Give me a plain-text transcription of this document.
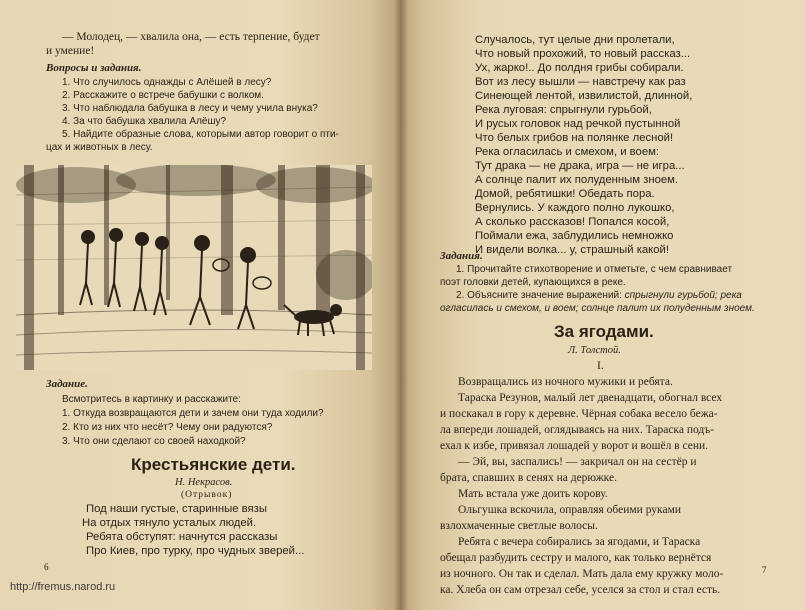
— Молодец, — хвалила она, — есть терпение, будет
и умение!
Вопросы и задания.
1. Что случилось однажды с Алёшей в лесу?
2. Расскажите о встрече бабушки с волком.
3. Что наблюдала бабушка в лесу и чему учила внука?
4. За что бабушка хвалила Алёшу?
5. Найдите образные слова, которыми автор говорит о пти-
цах и животных в лесу.
Задание.
Всмотритесь в картинку и расскажите:
1. Откуда возвращаются дети и зачем они туда ходили?
2. Кто из них что несёт? Чему они радуются?
3. Что они сделают со своей находкой?
Крестьянские дети.
Н. Некрасов.
(Отрывок)
Под наши густые, старинные вязы
На отдых тянуло усталых людей.
Ребята обступят: начнутся рассказы
Про Киев, про турку, про чудных зверей...
6
http://fremus.narod.ru
Случалось, тут целые дни пролетали,
Что новый прохожий, то новый рассказ...
Ух, жарко!.. До полдня грибы собирали.
Вот из лесу вышли — навстречу как раз
Синеющей лентой, извилистой, длинной,
Река луговая: спрыгнули гурьбой,
И русых головок над речкой пустынной
Что белых грибов на полянке лесной!
Река огласилась и смехом, и воем:
Тут драка — не драка, игра — не игра...
А солнце палит их полуденным зноем.
Домой, ребятишки! Обедать пора.
Вернулись. У каждого полно лукошко,
А сколько рассказов! Попался косой,
Поймали ежа, заблудились немножко
И видели волка... у, страшный какой!
Задания.
1. Прочитайте стихотворение и отметьте, с чем сравнивает
поэт головки детей, купающихся в реке.
2. Объясните значение выражений: спрыгнули гурьбой; река
огласилась и смехом, и воем; солнце палит их полуденным зноем.
За ягодами.
Л. Толстой.
I.
Возвращались из ночного мужики и ребята.
Тараска Резунов, малый лет двенадцати, обогнал всех
и поскакал в гору к деревне. Чёрная собака весело бежа-
ла впереди лошадей, оглядываясь на них. Тараска подъ-
ехал к избе, привязал лошадей у ворот и вошёл в сени.
— Эй, вы, заспались! — закричал он на сестёр и
брата, спавших в сенях на дерюжке.
Мать встала уже доить корову.
Ольгушка вскочила, оправляя обеими руками
взлохмаченные светлые волосы.
Ребята с вечера собирались за ягодами, и Тараска
обещал разбудить сестру и малого, как только вернётся
из ночного. Он так и сделал. Мать дала ему кружку моло-
ка. Хлеба он сам отрезал себе, уселся за стол и стал есть.
7
